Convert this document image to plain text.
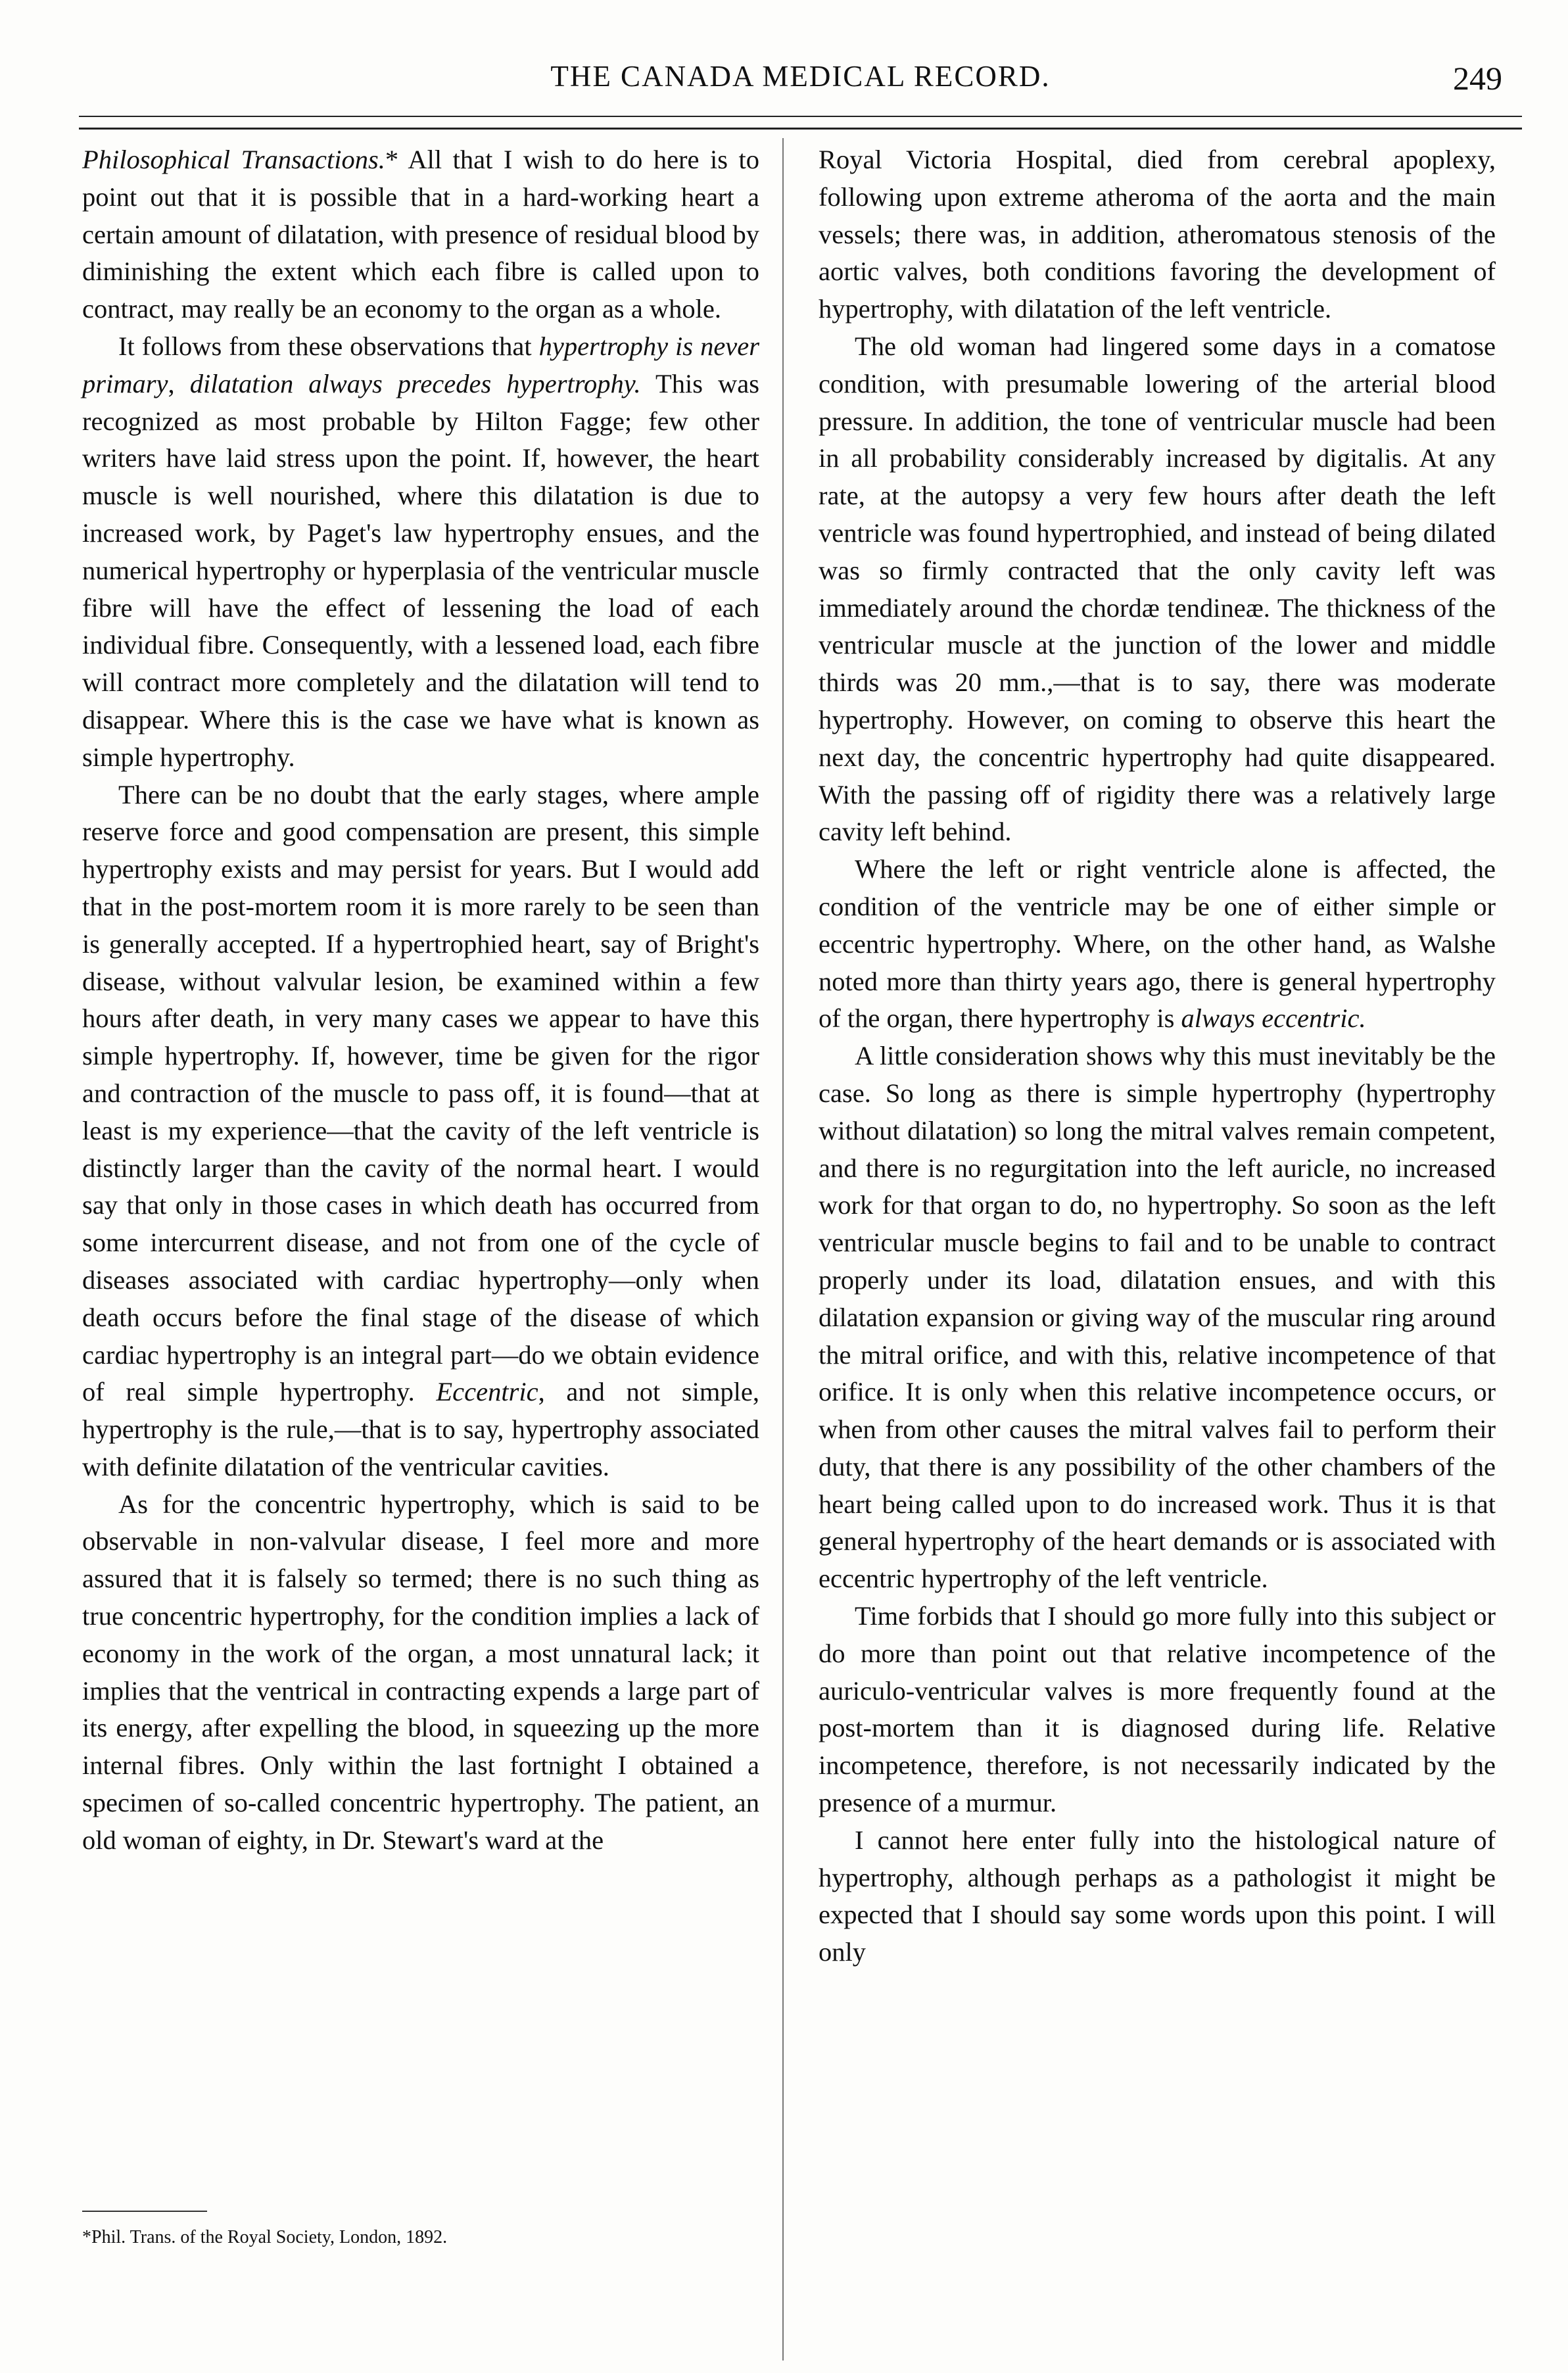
THE CANADA MEDICAL RECORD.	249

Philosophical Transactions.* All that I wish to do here is to point out that it is possible that in a hard-working heart a certain amount of dilatation, with presence of residual blood by diminishing the extent which each fibre is called upon to contract, may really be an economy to the organ as a whole.

It follows from these observations that hypertrophy is never primary, dilatation always precedes hypertrophy. This was recognized as most probable by Hilton Fagge; few other writers have laid stress upon the point. If, however, the heart muscle is well nourished, where this dilatation is due to increased work, by Paget's law hypertrophy ensues, and the numerical hypertrophy or hyperplasia of the ventricular muscle fibre will have the effect of lessening the load of each individual fibre. Consequently, with a lessened load, each fibre will contract more completely and the dilatation will tend to disappear. Where this is the case we have what is known as simple hypertrophy.

There can be no doubt that the early stages, where ample reserve force and good compensation are present, this simple hypertrophy exists and may persist for years. But I would add that in the post-mortem room it is more rarely to be seen than is generally accepted. If a hypertrophied heart, say of Bright's disease, without valvular lesion, be examined within a few hours after death, in very many cases we appear to have this simple hypertrophy. If, however, time be given for the rigor and contraction of the muscle to pass off, it is found—that at least is my experience—that the cavity of the left ventricle is distinctly larger than the cavity of the normal heart. I would say that only in those cases in which death has occurred from some intercurrent disease, and not from one of the cycle of diseases associated with cardiac hypertrophy—only when death occurs before the final stage of the disease of which cardiac hypertrophy is an integral part—do we obtain evidence of real simple hypertrophy. Eccentric, and not simple, hypertrophy is the rule,—that is to say, hypertrophy associated with definite dilatation of the ventricular cavities.

As for the concentric hypertrophy, which is said to be observable in non-valvular disease, I feel more and more assured that it is falsely so termed; there is no such thing as true concentric hypertrophy, for the condition implies a lack of economy in the work of the organ, a most unnatural lack; it implies that the ventrical in contracting expends a large part of its energy, after expelling the blood, in squeezing up the more internal fibres. Only within the last fortnight I obtained a specimen of so-called concentric hypertrophy. The patient, an old woman of eighty, in Dr. Stewart's ward at the

*Phil. Trans. of the Royal Society, London, 1892.

Royal Victoria Hospital, died from cerebral apoplexy, following upon extreme atheroma of the aorta and the main vessels; there was, in addition, atheromatous stenosis of the aortic valves, both conditions favoring the development of hypertrophy, with dilatation of the left ventricle.

The old woman had lingered some days in a comatose condition, with presumable lowering of the arterial blood pressure. In addition, the tone of ventricular muscle had been in all probability considerably increased by digitalis. At any rate, at the autopsy a very few hours after death the left ventricle was found hypertrophied, and instead of being dilated was so firmly contracted that the only cavity left was immediately around the chordæ tendineæ. The thickness of the ventricular muscle at the junction of the lower and middle thirds was 20 mm.,—that is to say, there was moderate hypertrophy. However, on coming to observe this heart the next day, the concentric hypertrophy had quite disappeared. With the passing off of rigidity there was a relatively large cavity left behind.

Where the left or right ventricle alone is affected, the condition of the ventricle may be one of either simple or eccentric hypertrophy. Where, on the other hand, as Walshe noted more than thirty years ago, there is general hypertrophy of the organ, there hypertrophy is always eccentric.

A little consideration shows why this must inevitably be the case. So long as there is simple hypertrophy (hypertrophy without dilatation) so long the mitral valves remain competent, and there is no regurgitation into the left auricle, no increased work for that organ to do, no hypertrophy. So soon as the left ventricular muscle begins to fail and to be unable to contract properly under its load, dilatation ensues, and with this dilatation expansion or giving way of the muscular ring around the mitral orifice, and with this, relative incompetence of that orifice. It is only when this relative incompetence occurs, or when from other causes the mitral valves fail to perform their duty, that there is any possibility of the other chambers of the heart being called upon to do increased work. Thus it is that general hypertrophy of the heart demands or is associated with eccentric hypertrophy of the left ventricle.

Time forbids that I should go more fully into this subject or do more than point out that relative incompetence of the auriculo-ventricular valves is more frequently found at the post-mortem than it is diagnosed during life. Relative incompetence, therefore, is not necessarily indicated by the presence of a murmur.

I cannot here enter fully into the histological nature of hypertrophy, although perhaps as a pathologist it might be expected that I should say some words upon this point. I will only
